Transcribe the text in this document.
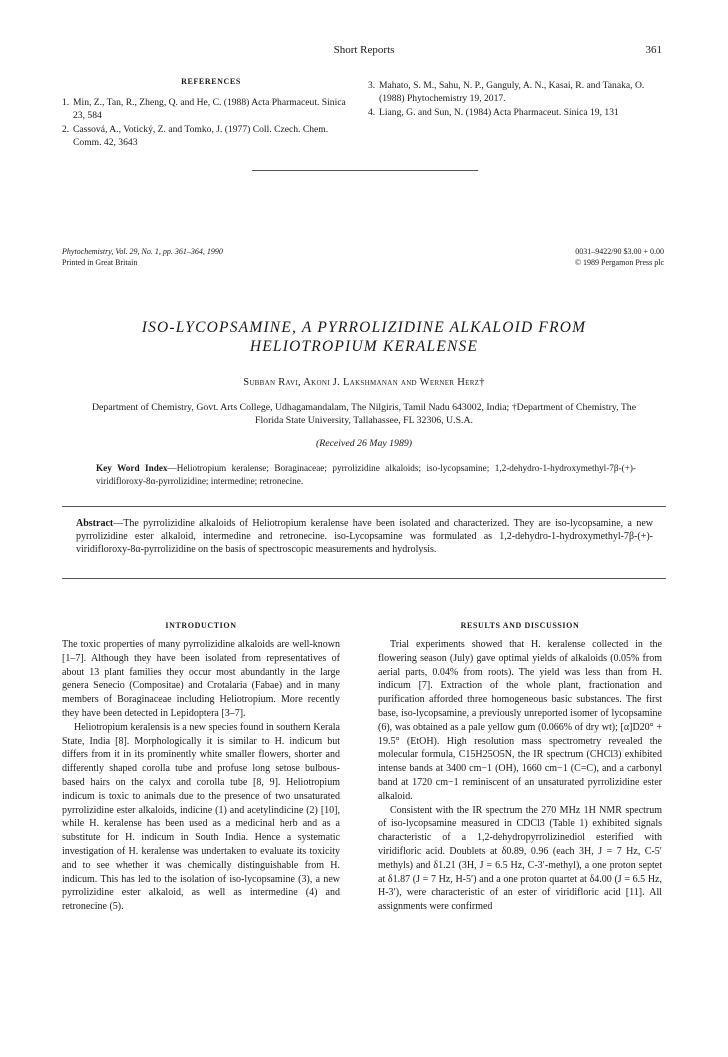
Short Reports	361
REFERENCES
1. Min, Z., Tan, R., Zheng, Q. and He, C. (1988) Acta Pharmaceut. Sinica 23, 584
2. Cassová, A., Votický, Z. and Tomko, J. (1977) Coll. Czech. Chem. Comm. 42, 3643
3. Mahato, S. M., Sahu, N. P., Ganguly, A. N., Kasai, R. and Tanaka, O. (1988) Phytochemistry 19, 2017.
4. Liang, G. and Sun, N. (1984) Acta Pharmaceut. Sinica 19, 131
Phytochemistry, Vol. 29, No. 1, pp. 361–364, 1990
Printed in Great Britain
0031–9422/90 $3.00 + 0.00
© 1989 Pergamon Press plc
ISO-LYCOPSAMINE, A PYRROLIZIDINE ALKALOID FROM
HELIOTROPIUM KERALENSE
Subban Ravi, Akoni J. Lakshmanan and Werner Herz†
Department of Chemistry, Govt. Arts College, Udhagamandalam, The Nilgiris, Tamil Nadu 643002, India; †Department of Chemistry, The Florida State University, Tallahassee, FL 32306, U.S.A.
(Received 26 May 1989)
Key Word Index—Heliotropium keralense; Boraginaceae; pyrrolizidine alkaloids; iso-lycopsamine; 1,2-dehydro-1-hydroxymethyl-7β-(+)-viridifloroxy-8α-pyrrolizidine; intermedine; retronecine.
Abstract—The pyrrolizidine alkaloids of Heliotropium keralense have been isolated and characterized. They are iso-lycopsamine, a new pyrrolizidine ester alkaloid, intermedine and retronecine. iso-Lycopsamine was formulated as 1,2-dehydro-1-hydroxymethyl-7β-(+)-viridifloroxy-8α-pyrrolizidine on the basis of spectroscopic measurements and hydrolysis.
INTRODUCTION

The toxic properties of many pyrrolizidine alkaloids are well-known [1–7]. Although they have been isolated from representatives of about 13 plant families they occur most abundantly in the large genera Senecio (Compositae) and Crotalaria (Fabae) and in many members of Boraginaceae including Heliotropium. More recently they have been detected in Lepidoptera [3–7].

Heliotropium keralensis is a new species found in southern Kerala State, India [8]. Morphologically it is similar to H. indicum but differs from it in its prominently white smaller flowers, shorter and differently shaped corolla tube and profuse long setose bulbous-based hairs on the calyx and corolla tube [8, 9]. Heliotropium indicum is toxic to animals due to the presence of two unsaturated pyrrolizidine ester alkaloids, indicine (1) and acetylindicine (2) [10], while H. keralense has been used as a medicinal herb and as a substitute for H. indicum in South India. Hence a systematic investigation of H. keralense was undertaken to evaluate its toxicity and to see whether it was chemically distinguishable from H. indicum. This has led to the isolation of iso-lycopsamine (3), a new pyrrolizidine ester alkaloid, as well as intermedine (4) and retronecine (5).

RESULTS AND DISCUSSION

Trial experiments showed that H. keralense collected in the flowering season (July) gave optimal yields of alkaloids (0.05% from aerial parts, 0.04% from roots). The yield was less than from H. indicum [7]. Extraction of the whole plant, fractionation and purification afforded three homogeneous basic substances. The first base, iso-lycopsamine, a previously unreported isomer of lycopsamine (6), was obtained as a pale yellow gum (0.066% of dry wt); [α]D20° + 19.5° (EtOH). High resolution mass spectrometry revealed the molecular formula, C15H25O5N, the IR spectrum (CHCl3) exhibited intense bands at 3400 cm−1 (OH), 1660 cm−1 (C=C), and a carbonyl band at 1720 cm−1 reminiscent of an unsaturated pyrrolizidine ester alkaloid.

Consistent with the IR spectrum the 270 MHz 1H NMR spectrum of iso-lycopsamine measured in CDCl3 (Table 1) exhibited signals characteristic of a 1,2-dehydropyrrolizinediol esterified with viridifloric acid. Doublets at δ0.89, 0.96 (each 3H, J = 7 Hz, C-5′ methyls) and δ1.21 (3H, J = 6.5 Hz, C-3′-methyl), a one proton septet at δ1.87 (J = 7 Hz, H-5′) and a one proton quartet at δ4.00 (J = 6.5 Hz, H-3′), were characteristic of an ester of viridifloric acid [11]. All assignments were confirmed
